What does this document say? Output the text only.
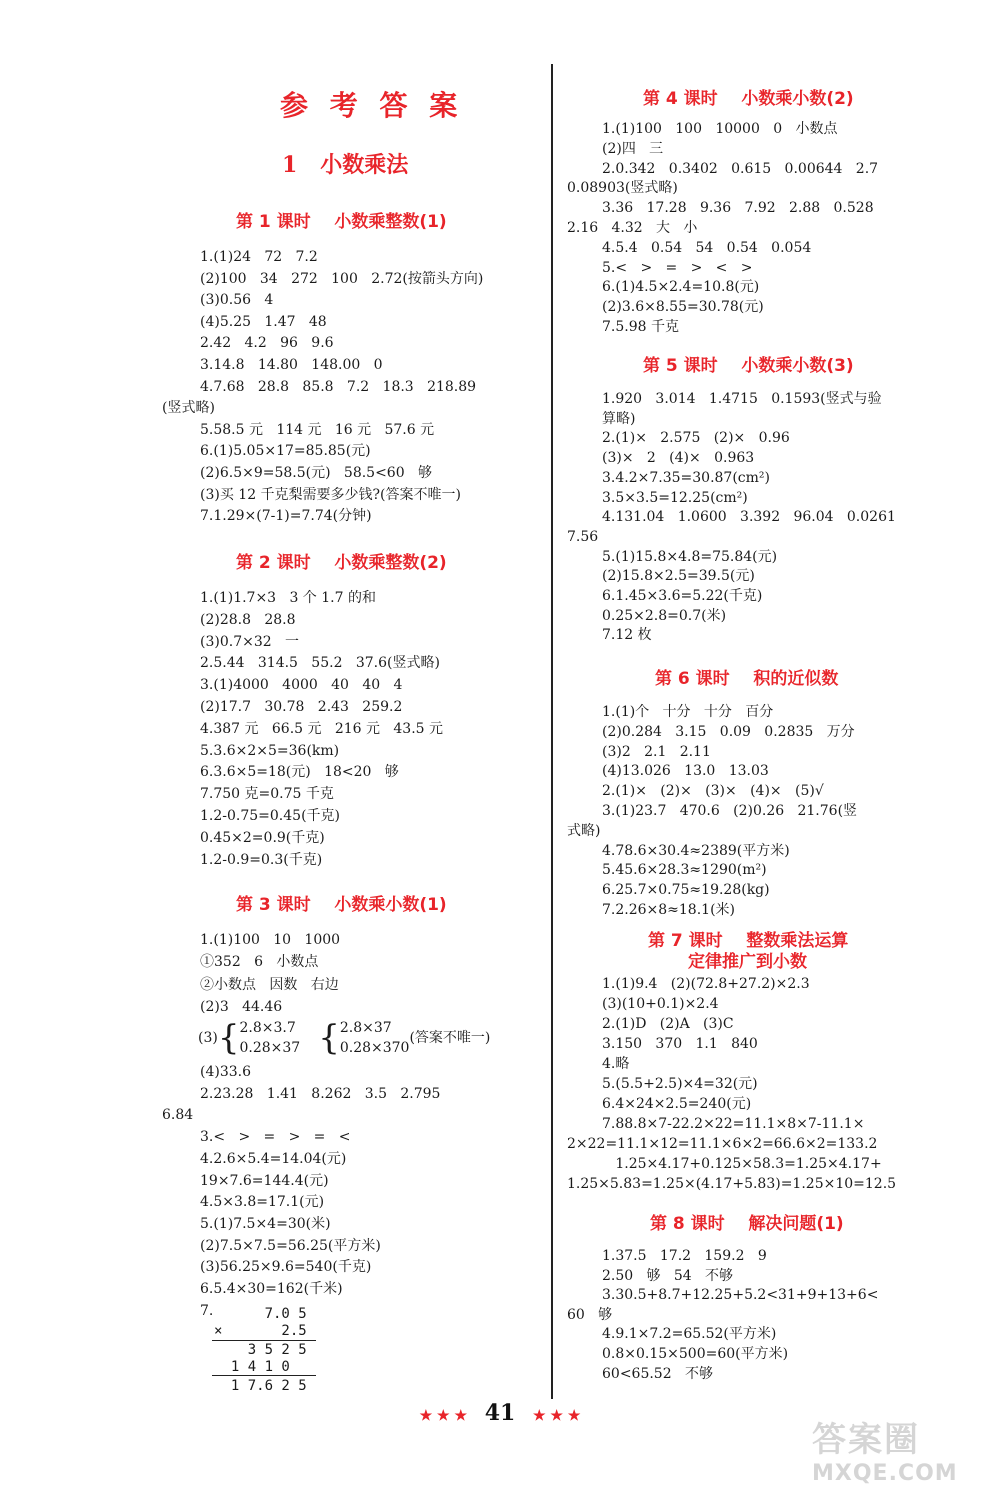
参 考 答 案
1   小数乘法
第 1 课时    小数乘整数(1)
1.(1)24   72   7.2
(2)100   34   272   100   2.72(按箭头方向)
(3)0.56   4
(4)5.25   1.47   48
2.42   4.2   96   9.6
3.14.8   14.80   148.00   0
4.7.68   28.8   85.8   7.2   18.3   218.89
(竖式略)
5.58.5 元   114 元   16 元   57.6 元
6.(1)5.05×17=85.85(元)
(2)6.5×9=58.5(元)   58.5<60   够
(3)买 12 千克梨需要多少钱?(答案不唯一)
7.1.29×(7-1)=7.74(分钟)
第 2 课时    小数乘整数(2)
1.(1)1.7×3   3 个 1.7 的和
(2)28.8   28.8
(3)0.7×32   一
2.5.44   314.5   55.2   37.6(竖式略)
3.(1)4000   4000   40   40   4
(2)17.7   30.78   2.43   259.2
4.387 元   66.5 元   216 元   43.5 元
5.3.6×2×5=36(km)
6.3.6×5=18(元)   18<20   够
7.750 克=0.75 千克
1.2-0.75=0.45(千克)
0.45×2=0.9(千克)
1.2-0.9=0.3(千克)
第 3 课时    小数乘小数(1)
1.(1)100   10   1000
①352   6   小数点
②小数点   因数   右边
(2)3   44.46
(3){ 2.8×3.7
0.28×37 { 2.8×37
0.28×370
(答案不唯一)
(4)33.6
2.23.28   1.41   8.262   3.5   2.795
6.84
3.<   >   =   >   =   <
4.2.6×5.4=14.04(元)
19×7.6=144.4(元)
4.5×3.8=17.1(元)
5.(1)7.5×4=30(米)
(2)7.5×7.5=56.25(平方米)
(3)56.25×9.6=540(千克)
6.5.4×30=162(千米)
7. 7.0 5
×       2.5
3 5 2 5
1 4 1 0
1 7.6 2 5
第 4 课时    小数乘小数(2)
1.(1)100   100   10000   0   小数点
(2)四   三
2.0.342   0.3402   0.615   0.00644   2.7
0.08903(竖式略)
3.36   17.28   9.36   7.92   2.88   0.528
2.16   4.32   大   小
4.5.4   0.54   54   0.54   0.054
5.<   >   =   >   <   >
6.(1)4.5×2.4=10.8(元)
(2)3.6×8.55=30.78(元)
7.5.98 千克
第 5 课时    小数乘小数(3)
1.920   3.014   1.4715   0.1593(竖式与验
算略)
2.(1)×   2.575   (2)×   0.96
(3)×   2   (4)×   0.963
3.4.2×7.35=30.87(cm²)
3.5×3.5=12.25(cm²)
4.131.04   1.0600   3.392   96.04   0.0261
7.56
5.(1)15.8×4.8=75.84(元)
(2)15.8×2.5=39.5(元)
6.1.45×3.6=5.22(千克)
0.25×2.8=0.7(米)
7.12 枚
第 6 课时    积的近似数
1.(1)个   十分   十分   百分
(2)0.284   3.15   0.09   0.2835   万分
(3)2   2.1   2.11
(4)13.026   13.0   13.03
2.(1)×   (2)×   (3)×   (4)×   (5)√
3.(1)23.7   470.6   (2)0.26   21.76(竖
式略)
4.78.6×30.4≈2389(平方米)
5.45.6×28.3≈1290(m²)
6.25.7×0.75≈19.28(kg)
7.2.26×8≈18.1(米)
第 7 课时    整数乘法运算
定律推广到小数
1.(1)9.4   (2)(72.8+27.2)×2.3
(3)(10+0.1)×2.4
2.(1)D   (2)A   (3)C
3.150   370   1.1   840
4.略
5.(5.5+2.5)×4=32(元)
6.4×24×2.5=240(元)
7.88.8×7-22.2×22=11.1×8×7-11.1×
2×22=11.1×12=11.1×6×2=66.6×2=133.2
1.25×4.17+0.125×58.3=1.25×4.17+
1.25×5.83=1.25×(4.17+5.83)=1.25×10=12.5
第 8 课时    解决问题(1)
1.37.5   17.2   159.2   9
2.50   够   54   不够
3.30.5+8.7+12.25+5.2<31+9+13+6<
60   够
4.9.1×7.2=65.52(平方米)
0.8×0.15×500=60(平方米)
60<65.52   不够
★ ★ ★ 41 ★ ★ ★
答案圈
MXQE.COM
